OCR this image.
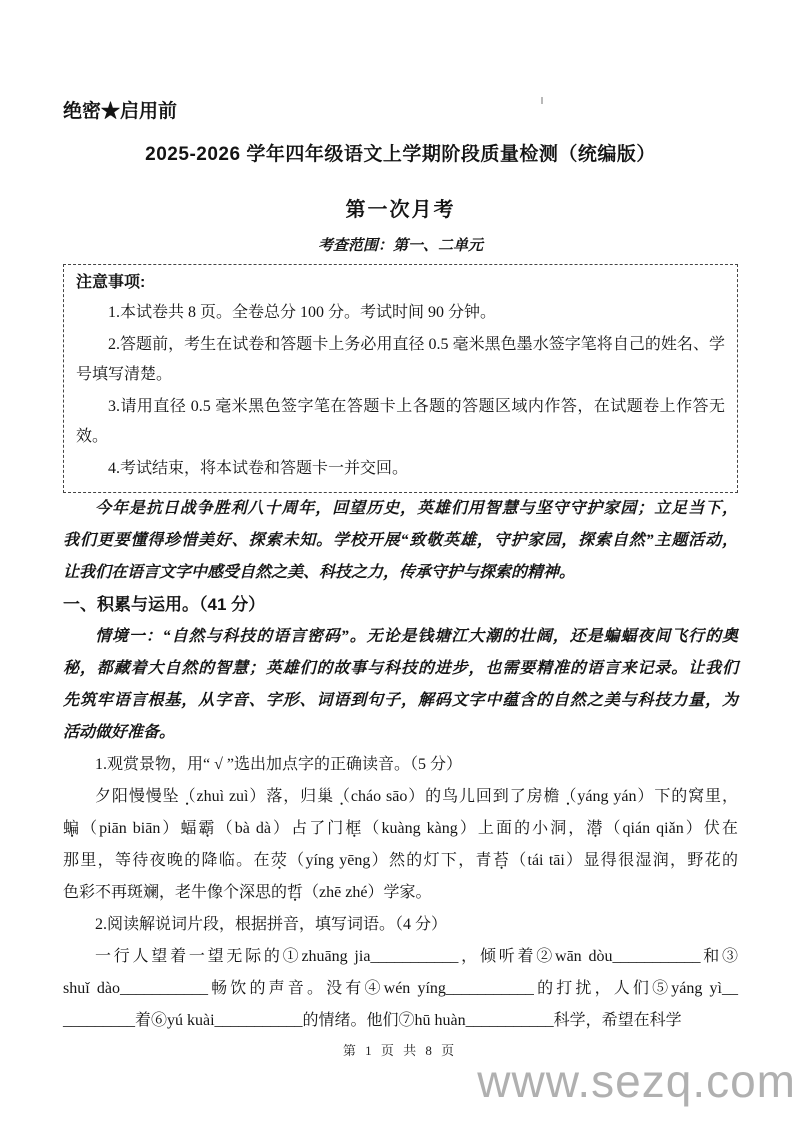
绝密★启用前
2025-2026 学年四年级语文上学期阶段质量检测（统编版）
第一次月考
考查范围：第一、二单元
注意事项:
1.本试卷共 8 页。全卷总分 100 分。考试时间 90 分钟。
2.答题前，考生在试卷和答题卡上务必用直径 0.5 毫米黑色墨水签字笔将自己的姓名、学号填写清楚。
3.请用直径 0.5 毫米黑色签字笔在答题卡上各题的答题区域内作答，在试题卷上作答无效。
4.考试结束，将本试卷和答题卡一并交回。
今年是抗日战争胜利八十周年，回望历史，英雄们用智慧与坚守守护家园；立足当下，
我们更要懂得珍惜美好、探索未知。学校开展“致敬英雄，守护家园，探索自然”主题活动，
让我们在语言文字中感受自然之美、科技之力，传承守护与探索的精神。
一、积累与运用。（41 分）
情境一：“自然与科技的语言密码”。无论是钱塘江大潮的壮阔，还是蝙蝠夜间飞行的奥
秘，都藏着大自然的智慧；英雄们的故事与科技的进步，也需要精准的语言来记录。让我们
先筑牢语言根基，从字音、字形、词语到句子，解码文字中蕴含的自然之美与科技力量，为
活动做好准备。
1.观赏景物，用“ √ ”选出加点字的正确读音。（5 分）
夕阳慢慢坠（zhuì zuì）落，归巢（cháo sāo）的鸟儿回到了房檐（yáng yán）下的窝里，
蝙（piān biān）蝠霸（bà dà）占了门框（kuàng kàng）上面的小洞，潜（qián qiǎn）伏在
那里，等待夜晚的降临。在荧（yíng yēng）然的灯下，青苔（tái tāi）显得很湿润，野花的
色彩不再斑斓，老牛像个深思的哲（zhē zhé）学家。
2.阅读解说词片段，根据拼音，填写词语。（4 分）
一行人望着一望无际的①zhuāng jia___________，倾听着②wān dòu___________和③
shuǐ dào___________畅饮的声音。没有④wén yíng___________的打扰，人们⑤yáng yì__
_________着⑥yú kuài___________的情绪。他们⑦hū huàn___________科学，希望在科学
第 1 页 共 8 页
www.sezq.com
